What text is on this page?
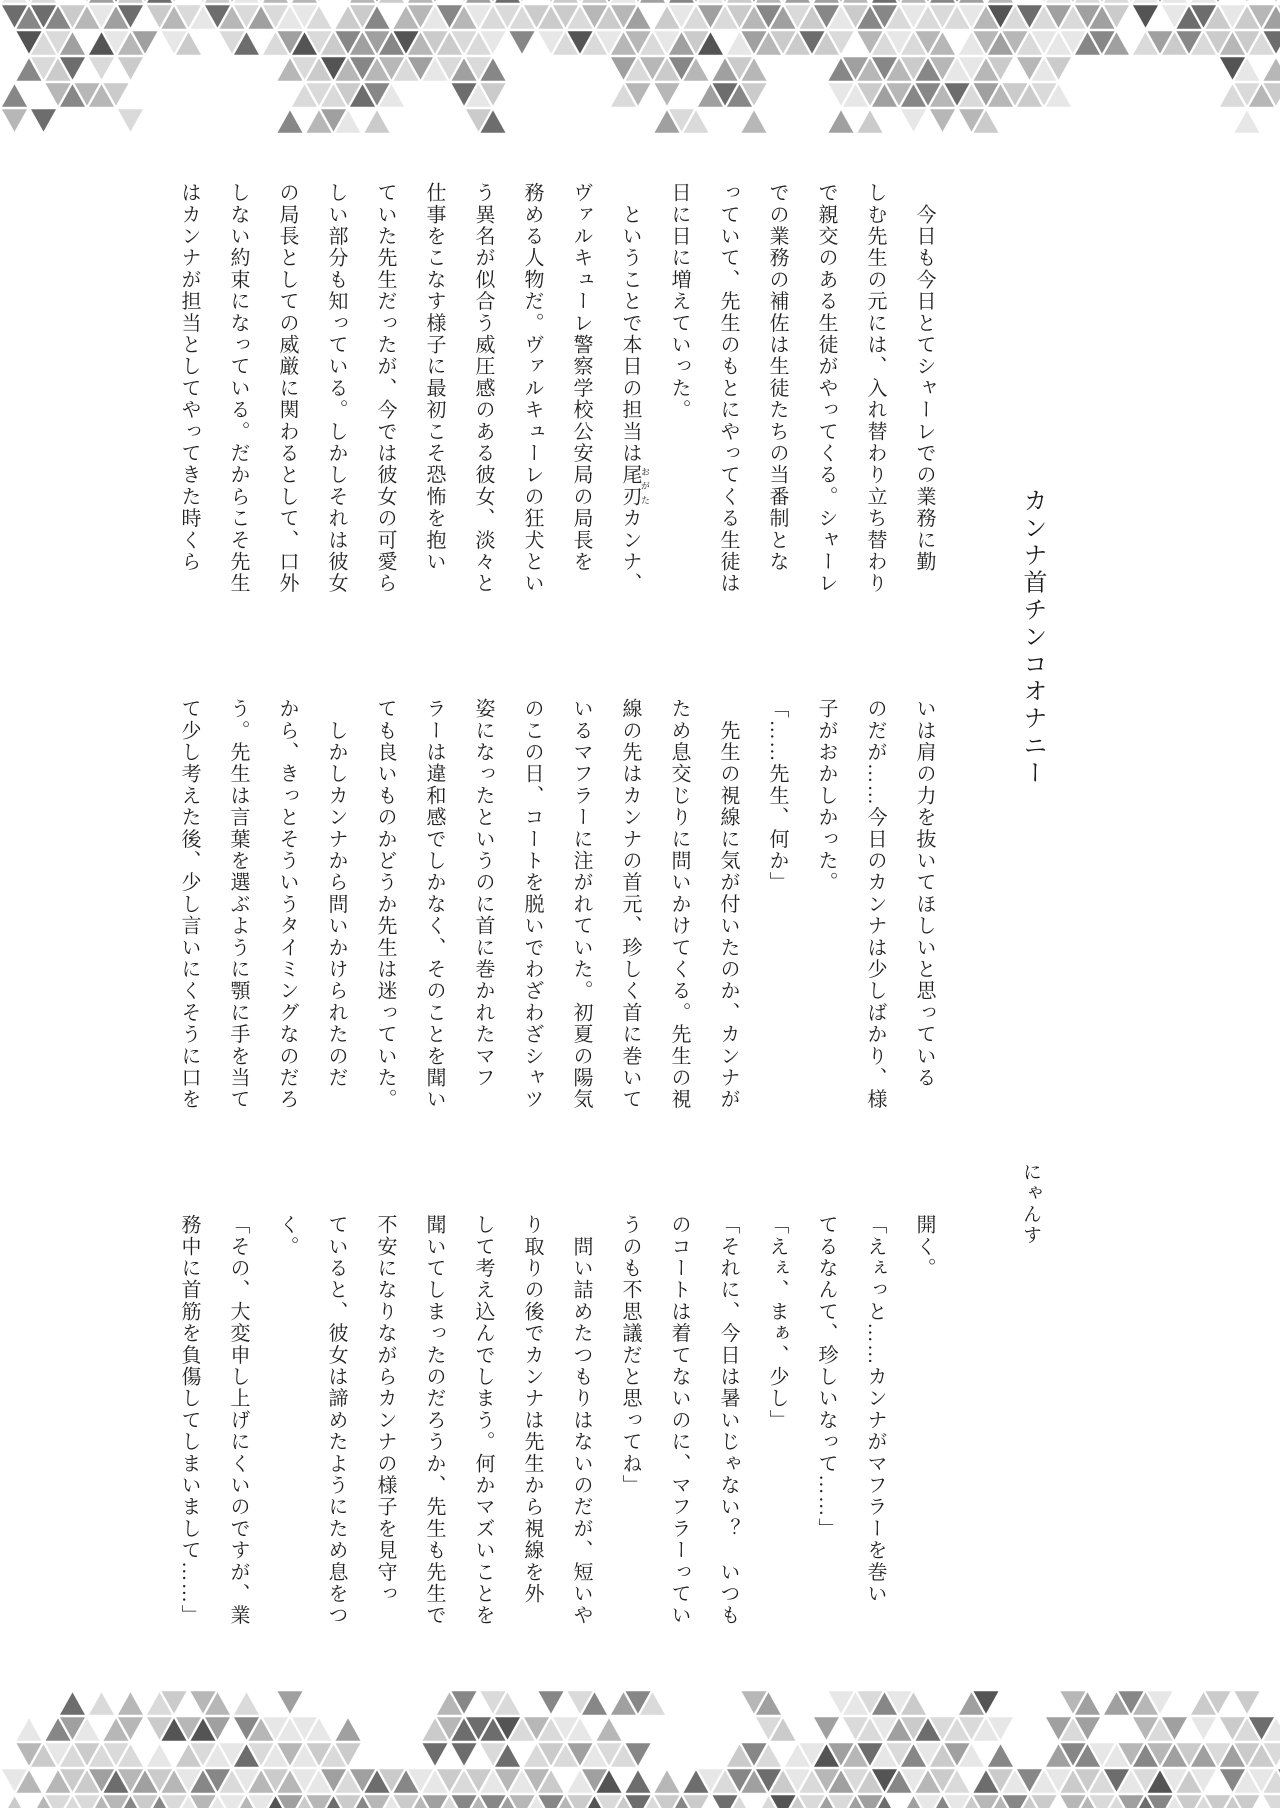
カンナ首チンコオナニー

　今日も今日とてシャーレでの業務に勤

しむ先生の元には、入れ替わり立ち替わり

で親交のある生徒がやってくる。シャーレ

での業務の補佐は生徒たちの当番制とな

っていて、先生のもとにやってくる生徒は

日に日に増えていった。

　ということで本日の担当は尾刃 おがたカンナ、

ヴァルキューレ警察学校公安局の局長を

務める人物だ。ヴァルキューレの狂犬とい

う異名が似合う威圧感のある彼女、淡々と

仕事をこなす様子に最初こそ恐怖を抱い

ていた先生だったが、今では彼女の可愛ら

しい部分も知っている。しかしそれは彼女

の局長としての威厳に関わるとして、口外

しない約束になっている。だからこそ先生

はカンナが担当としてやってきた時くら

いは肩の力を抜いてほしいと思っている

のだが……今日のカンナは少しばかり、様

子がおかしかった。

「……先生、何か」

　先生の視線に気が付いたのか、カンナが

ため息交じりに問いかけてくる。先生の視

線の先はカンナの首元、珍しく首に巻いて

いるマフラーに注がれていた。初夏の陽気

のこの日、コートを脱いでわざわざシャツ

姿になったというのに首に巻かれたマフ

ラーは違和感でしかなく、そのことを聞い

ても良いものかどうか先生は迷っていた。

　しかしカンナから問いかけられたのだ

から、きっとそういうタイミングなのだろ

う。先生は言葉を選ぶように顎に手を当て

て少し考えた後、少し言いにくそうに口を

開く。

「えぇっと……カンナがマフラーを巻い

てるなんて、珍しいなって……」

「えぇ、まぁ、少し」

「それに、今日は暑いじゃない？　いつも

のコートは着てないのに、マフラーってい

うのも不思議だと思ってね」

　問い詰めたつもりはないのだが、短いや

り取りの後でカンナは先生から視線を外

して考え込んでしまう。何かマズいことを

聞いてしまったのだろうか、先生も先生で

不安になりながらカンナの様子を見守っ

ていると、彼女は諦めたようにため息をつ

く。

「その、大変申し上げにくいのですが、業

務中に首筋を負傷してしまいまして……」

にゃんす
